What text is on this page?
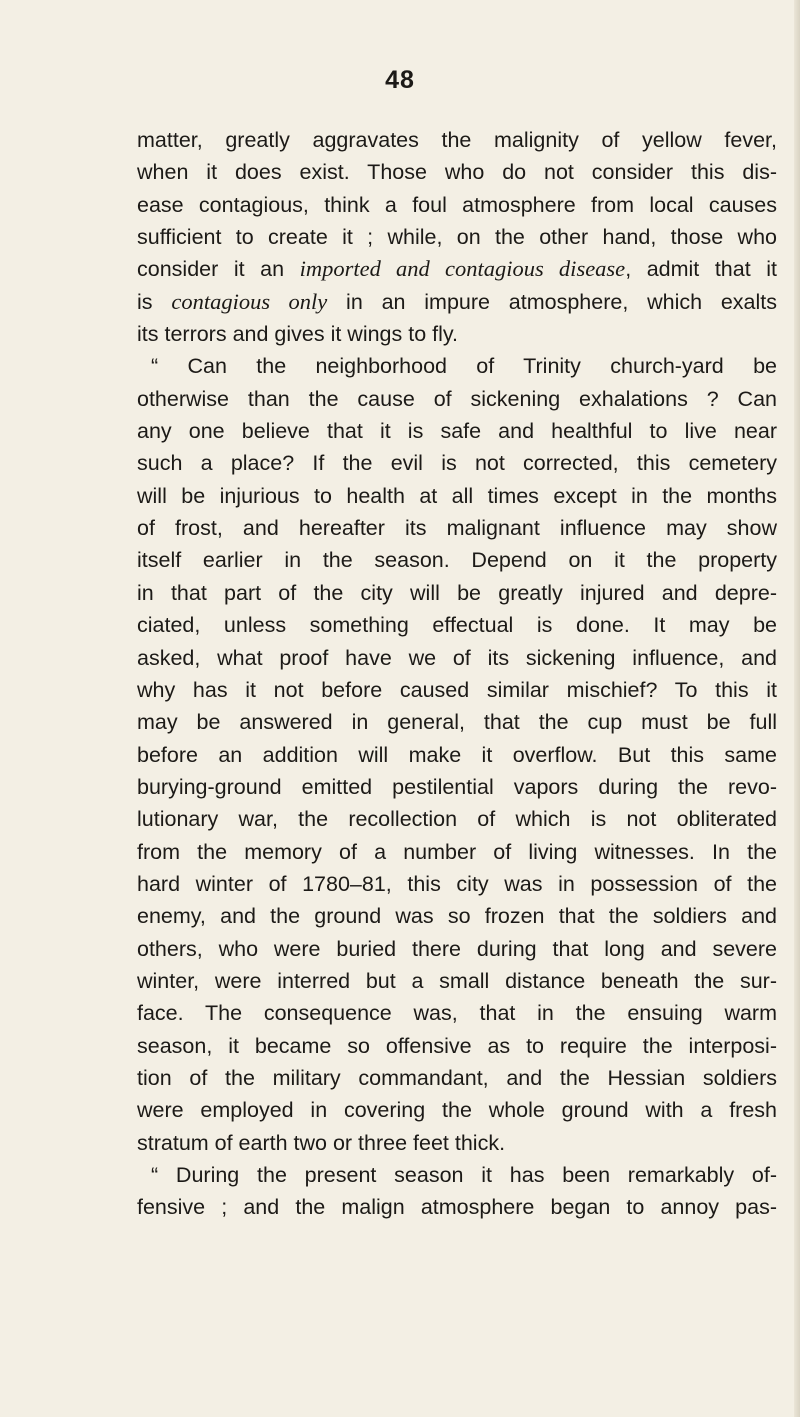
48
matter, greatly aggravates the malignity of yellow fever,
when it does exist. Those who do not consider this dis-
ease contagious, think a foul atmosphere from local causes
sufficient to create it ; while, on the other hand, those who
consider it an imported and contagious disease, admit that it
is contagious only in an impure atmosphere, which exalts
its terrors and gives it wings to fly.
“ Can the neighborhood of Trinity church-yard be
otherwise than the cause of sickening exhalations ? Can
any one believe that it is safe and healthful to live near
such a place? If the evil is not corrected, this cemetery
will be injurious to health at all times except in the months
of frost, and hereafter its malignant influence may show
itself earlier in the season. Depend on it the property
in that part of the city will be greatly injured and depre-
ciated, unless something effectual is done. It may be
asked, what proof have we of its sickening influence, and
why has it not before caused similar mischief? To this it
may be answered in general, that the cup must be full
before an addition will make it overflow. But this same
burying-ground emitted pestilential vapors during the revo-
lutionary war, the recollection of which is not obliterated
from the memory of a number of living witnesses. In the
hard winter of 1780–81, this city was in possession of the
enemy, and the ground was so frozen that the soldiers and
others, who were buried there during that long and severe
winter, were interred but a small distance beneath the sur-
face. The consequence was, that in the ensuing warm
season, it became so offensive as to require the interposi-
tion of the military commandant, and the Hessian soldiers
were employed in covering the whole ground with a fresh
stratum of earth two or three feet thick.
“ During the present season it has been remarkably of-
fensive ; and the malign atmosphere began to annoy pas-
